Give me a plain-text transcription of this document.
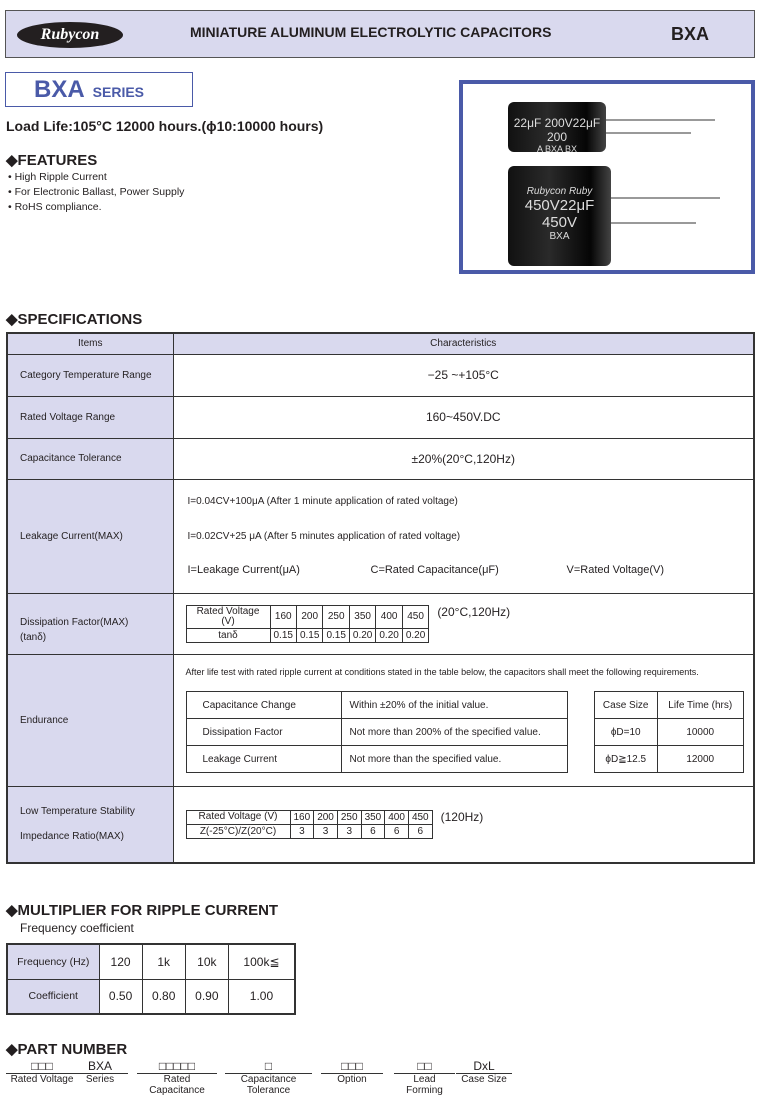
Rubycon	MINIATURE ALUMINUM ELECTROLYTIC CAPACITORS	BXA
BXA SERIES
Load Life:105°C 12000 hours.(ϕ10:10000 hours)
◆FEATURES
• High Ripple Current
• For Electronic Ballast, Power Supply
• RoHS compliance.
22μF 200V22μF 200
A BXA BX
Rubycon Ruby
450V22μF 450V
BXA
◆SPECIFICATIONS
Items	Characteristics
Category Temperature Range	−25 ~+105°C
Rated Voltage Range	160~450V.DC
Capacitance Tolerance	±20%(20°C,120Hz)
Leakage Current(MAX)	
I=0.04CV+100μA (After 1 minute application of rated voltage)
I=0.02CV+25 μA (After 5 minutes application of rated voltage)
I=Leakage Current(μA)	C=Rated Capacitance(μF)	V=Rated Voltage(V)

Dissipation Factor(MAX)
(tanδ)

Rated Voltage (V)	160	200	250	350	400	450
tanδ	0.15	0.15	0.15	0.20	0.20	0.20
(20°C,120Hz)

Endurance	
After life test with rated ripple current at conditions stated in the table below, the capacitors shall meet the following requirements.
Capacitance Change	Within ±20% of the initial value.
Dissipation Factor	Not more than 200% of the specified value.
Leakage Current	Not more than the specified value.
Case Size	Life Time (hrs)
ϕD=10	10000
ϕD≧12.5	12000

Low Temperature Stability
Impedance Ratio(MAX)

Rated Voltage (V)	160	200	250	350	400	450
Z(-25°C)/Z(20°C)	3	3	3	6	6	6
(120Hz)
◆MULTIPLIER FOR RIPPLE CURRENT
Frequency coefficient
Frequency (Hz)	120	1k	10k	100k≦
Coefficient	0.50	0.80	0.90	1.00
◆PART NUMBER
□□□
Rated Voltage
BXA
Series
□□□□□
Rated Capacitance
□
Capacitance Tolerance
□□□
Option
□□
Lead Forming
DxL
Case Size
